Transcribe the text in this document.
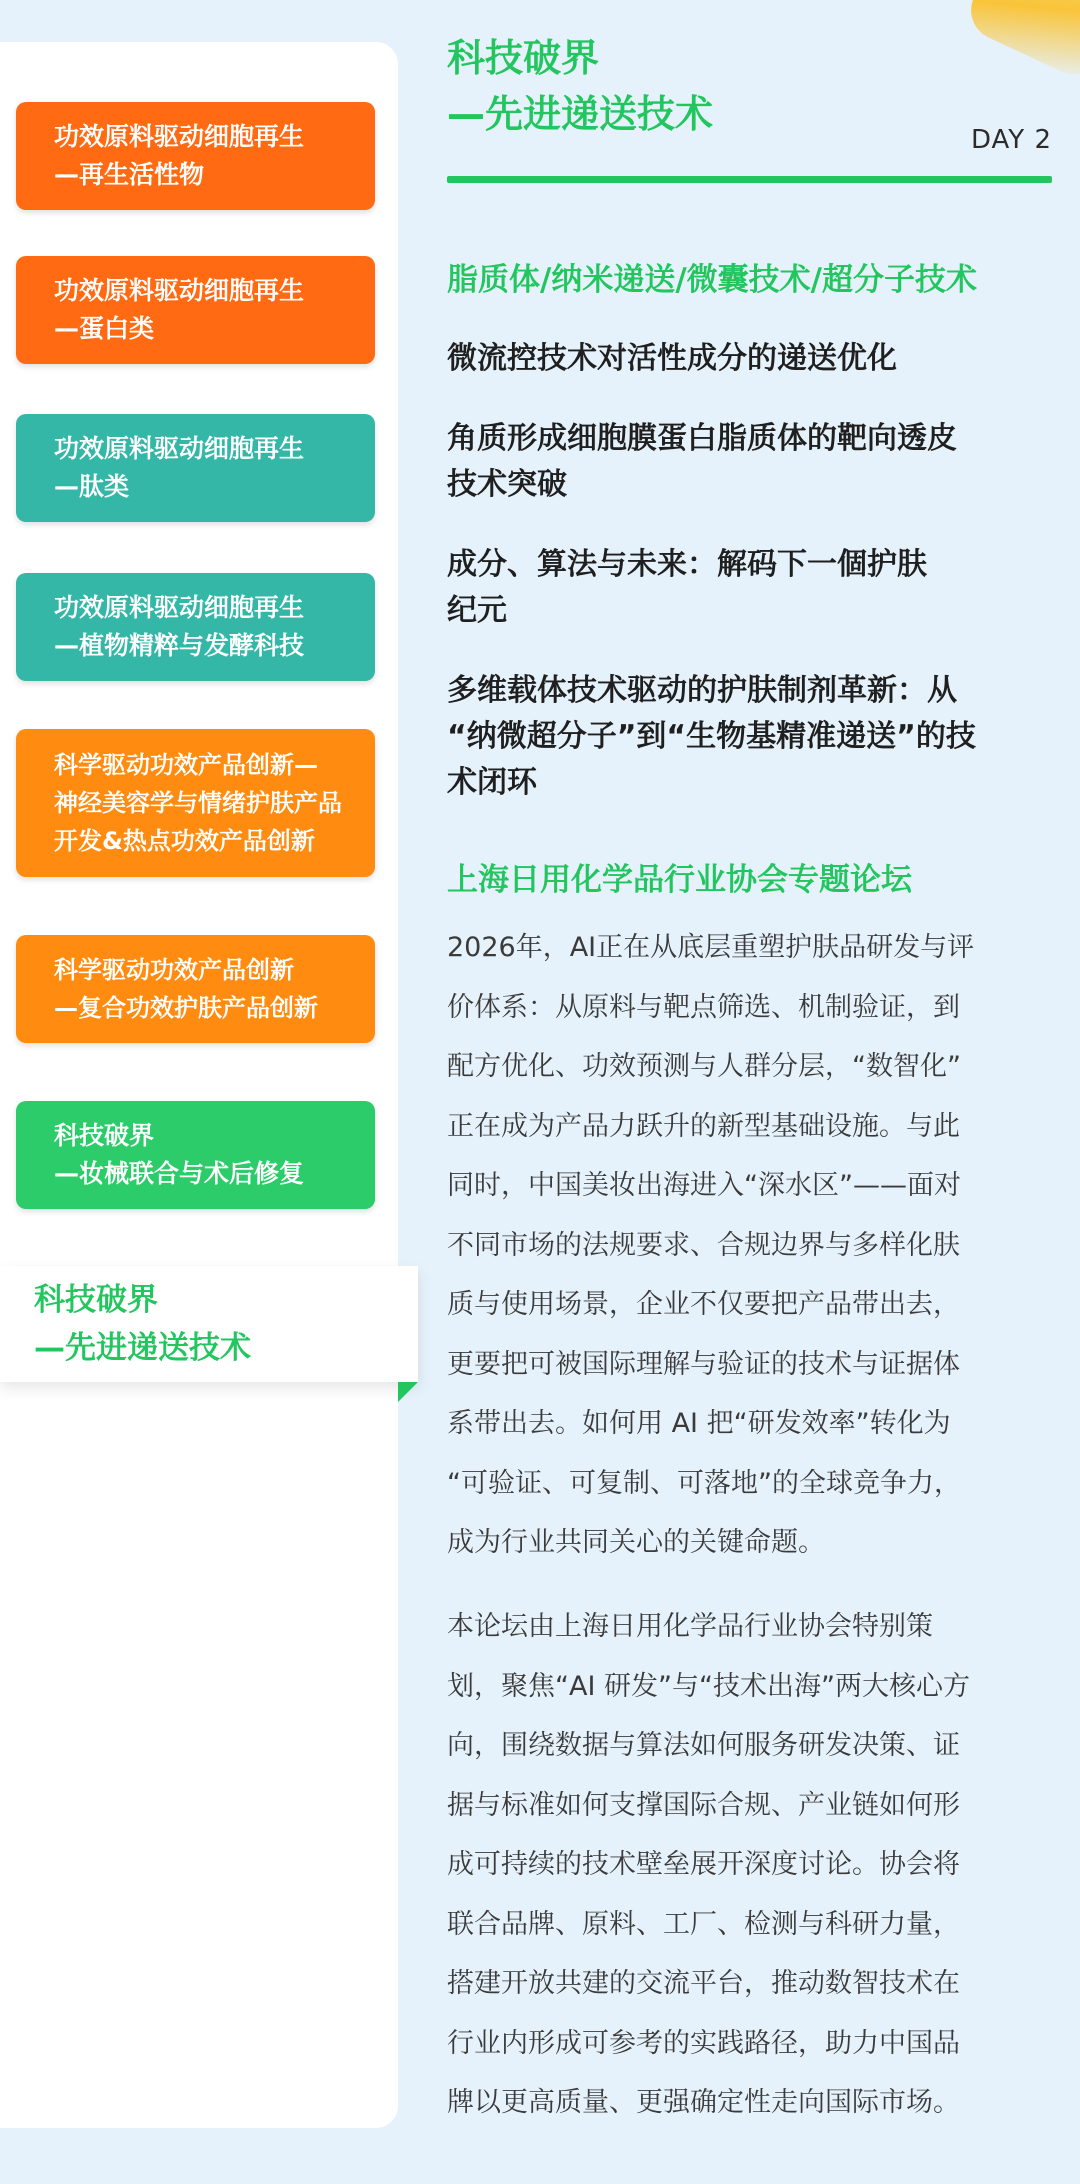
功效原料驱动细胞再生
—再生活性物
功效原料驱动细胞再生
—蛋白类
功效原料驱动细胞再生
—肽类
功效原料驱动细胞再生
—植物精粹与发酵科技
科学驱动功效产品创新—
神经美容学与情绪护肤产品
开发&热点功效产品创新
科学驱动功效产品创新
—复合功效护肤产品创新
科技破界
—妆械联合与术后修复
科技破界
—先进递送技术
科技破界
—先进递送技术
DAY 2
脂质体/纳米递送/微囊技术/超分子技术
微流控技术对活性成分的递送优化
角质形成细胞膜蛋白脂质体的靶向透皮
技术突破
成分、算法与未来：解码下一個护肤
纪元
多维载体技术驱动的护肤制剂革新：从
“纳微超分子”到“生物基精准递送”的技
术闭环
上海日用化学品行业协会专题论坛
2026年，AI正在从底层重塑护肤品研发与评
价体系：从原料与靶点筛选、机制验证，到
配方优化、功效预测与人群分层，“数智化”
正在成为产品力跃升的新型基础设施。与此
同时，中国美妆出海进入“深水区”——面对
不同市场的法规要求、合规边界与多样化肤
质与使用场景，企业不仅要把产品带出去，
更要把可被国际理解与验证的技术与证据体
系带出去。如何用 AI 把“研发效率”转化为
“可验证、可复制、可落地”的全球竞争力，
成为行业共同关心的关键命题。
本论坛由上海日用化学品行业协会特别策
划，聚焦“AI 研发”与“技术出海”两大核心方
向，围绕数据与算法如何服务研发决策、证
据与标准如何支撑国际合规、产业链如何形
成可持续的技术壁垒展开深度讨论。协会将
联合品牌、原料、工厂、检测与科研力量，
搭建开放共建的交流平台，推动数智技术在
行业内形成可参考的实践路径，助力中国品
牌以更高质量、更强确定性走向国际市场。
